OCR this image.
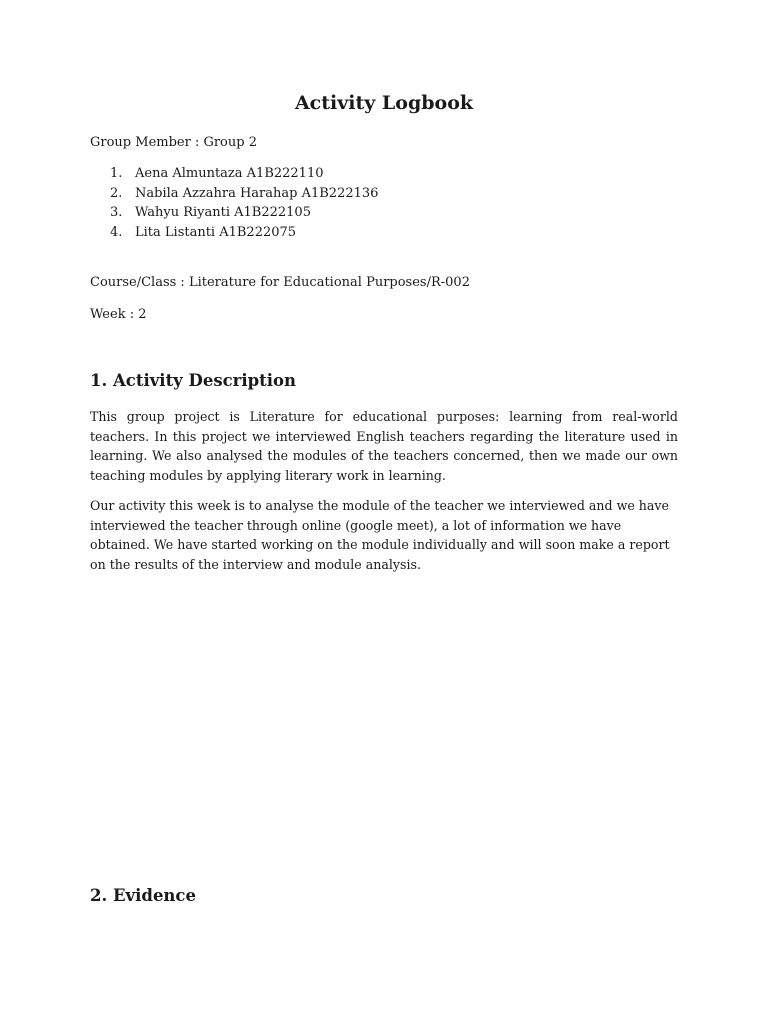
Activity Logbook

Group Member : Group 2

1. Aena Almuntaza A1B222110
2. Nabila Azzahra Harahap A1B222136
3. Wahyu Riyanti A1B222105
4. Lita Listanti A1B222075

Course/Class : Literature for Educational Purposes/R-002

Week : 2

1. Activity Description

This group project is Literature for educational purposes: learning from real-world teachers. In this project we interviewed English teachers regarding the literature used in learning. We also analysed the modules of the teachers concerned, then we made our own teaching modules by applying literary work in learning.

Our activity this week is to analyse the module of the teacher we interviewed and we have interviewed the teacher through online (google meet), a lot of information we have obtained. We have started working on the module individually and will soon make a report on the results of the interview and module analysis.

2. Evidence
